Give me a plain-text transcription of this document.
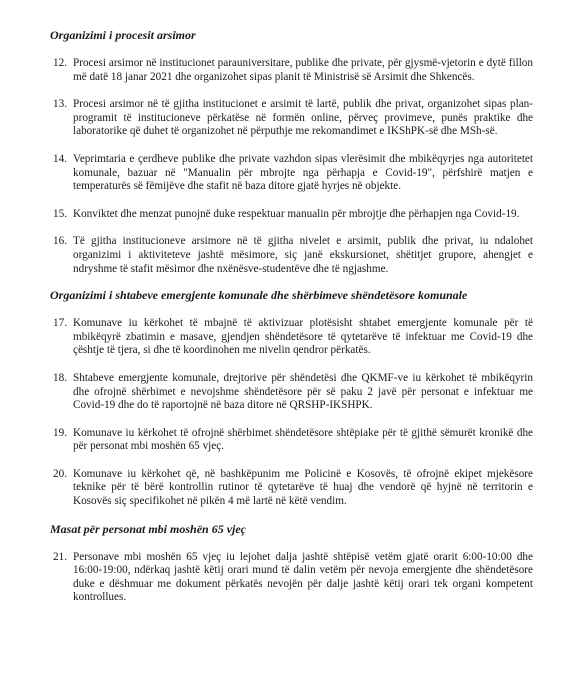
Organizimi i procesit arsimor
12. Procesi arsimor në institucionet parauniversitare, publike dhe private, për gjysmë-vjetorin e dytë fillon më datë 18 janar 2021 dhe organizohet sipas planit të Ministrisë së Arsimit dhe Shkencës.
13. Procesi arsimor në të gjitha institucionet e arsimit të lartë, publik dhe privat, organizohet sipas plan-programit të institucioneve përkatëse në formën online, përveç provimeve, punës praktike dhe laboratorike që duhet të organizohet në përputhje me rekomandimet e IKShPK-së dhe MSh-së.
14. Veprimtaria e çerdheve publike dhe private vazhdon sipas vlerësimit dhe mbikëqyrjes nga autoritetet komunale, bazuar në "Manualin për mbrojte nga përhapja e Covid-19", përfshirë matjen e temperaturës së fëmijëve dhe stafit në baza ditore gjatë hyrjes në objekte.
15. Konviktet dhe menzat punojnë duke respektuar manualin për mbrojtje dhe përhapjen nga Covid-19.
16. Të gjitha institucioneve arsimore në të gjitha nivelet e arsimit, publik dhe privat, iu ndalohet organizimi i aktiviteteve jashtë mësimore, siç janë ekskursionet, shëtitjet grupore, ahengjet e ndryshme të stafit mësimor dhe nxënësve-studentëve dhe të ngjashme.
Organizimi i shtabeve emergjente komunale dhe shërbimeve shëndetësore komunale
17. Komunave iu kërkohet të mbajnë të aktivizuar plotësisht shtabet emergjente komunale për të mbikëqyrë zbatimin e masave, gjendjen shëndetësore të qytetarëve të infektuar me Covid-19 dhe çështje të tjera, si dhe të koordinohen me nivelin qendror përkatës.
18. Shtabeve emergjente komunale, drejtorive për shëndetësi dhe QKMF-ve iu kërkohet të mbikëqyrin dhe ofrojnë shërbimet e nevojshme shëndetësore për së paku 2 javë për personat e infektuar me Covid-19 dhe do të raportojnë në baza ditore në QRSHP-IKSHPK.
19. Komunave iu kërkohet të ofrojnë shërbimet shëndetësore shtëpiake për të gjithë sëmurët kronikë dhe për personat mbi moshën 65 vjeç.
20. Komunave iu kërkohet që, në bashkëpunim me Policinë e Kosovës, të ofrojnë ekipet mjekësore teknike për të bërë kontrollin rutinor të qytetarëve të huaj dhe vendorë që hyjnë në territorin e Kosovës siç specifikohet në pikën 4 më lartë në këtë vendim.
Masat për personat mbi moshën 65 vjeç
21. Personave mbi moshën 65 vjeç iu lejohet dalja jashtë shtëpisë vetëm gjatë orarit 6:00-10:00 dhe 16:00-19:00, ndërkaq jashtë këtij orari mund të dalin vetëm për nevoja emergjente dhe shëndetësore duke e dëshmuar me dokument përkatës nevojën për dalje jashtë këtij orari tek organi kompetent kontrollues.
